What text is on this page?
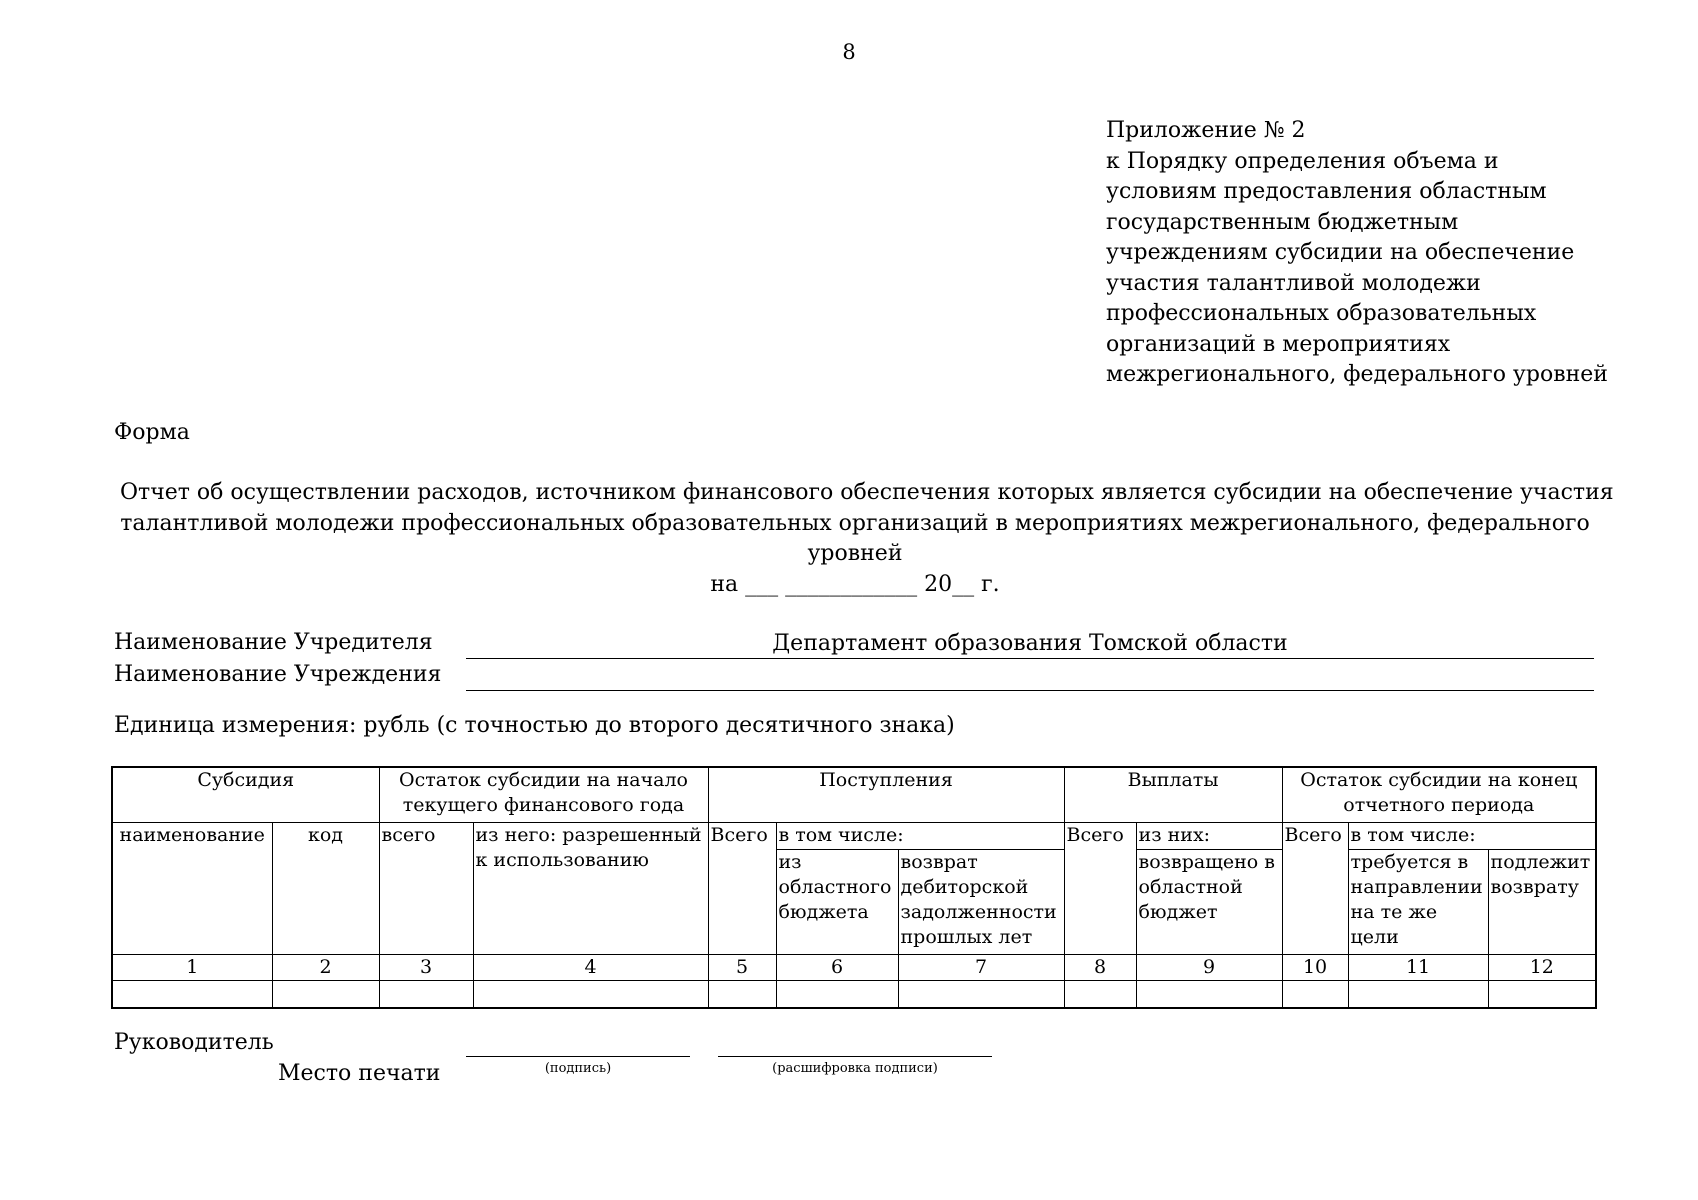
8
Приложение № 2
к Порядку определения объема и
условиям предоставления областным
государственным бюджетным
учреждениям субсидии на обеспечение
участия талантливой молодежи
профессиональных образовательных
организаций в мероприятиях
межрегионального, федерального уровней
Форма
Отчет об осуществлении расходов, источником финансового обеспечения которых является субсидии на обеспечение участия
талантливой молодежи профессиональных образовательных организаций в мероприятиях межрегионального, федерального
уровней
на ___ ____________ 20__ г.
Наименование Учредителя	Департамент образования Томской области
Наименование Учреждения
Единица измерения: рубль (с точностью до второго десятичного знака)
Субсидия		Остаток субсидии на начало текущего финансового года		Поступления			Выплаты		Остаток субсидии на конец отчетного периода		
наименование	код	всего	из него: разрешенный к использованию	Всего	в том числе:		Всего	из них:	Всего	в том числе:	
					из областного бюджета	возврат дебиторской задолженности прошлых лет		возвращено в областной бюджет		требуется в направлении на те же цели	подлежит возврату
1	2	3	4	5	6	7	8	9	10	11	12

Руководитель
Место печати	(подпись)	(расшифровка подписи)
